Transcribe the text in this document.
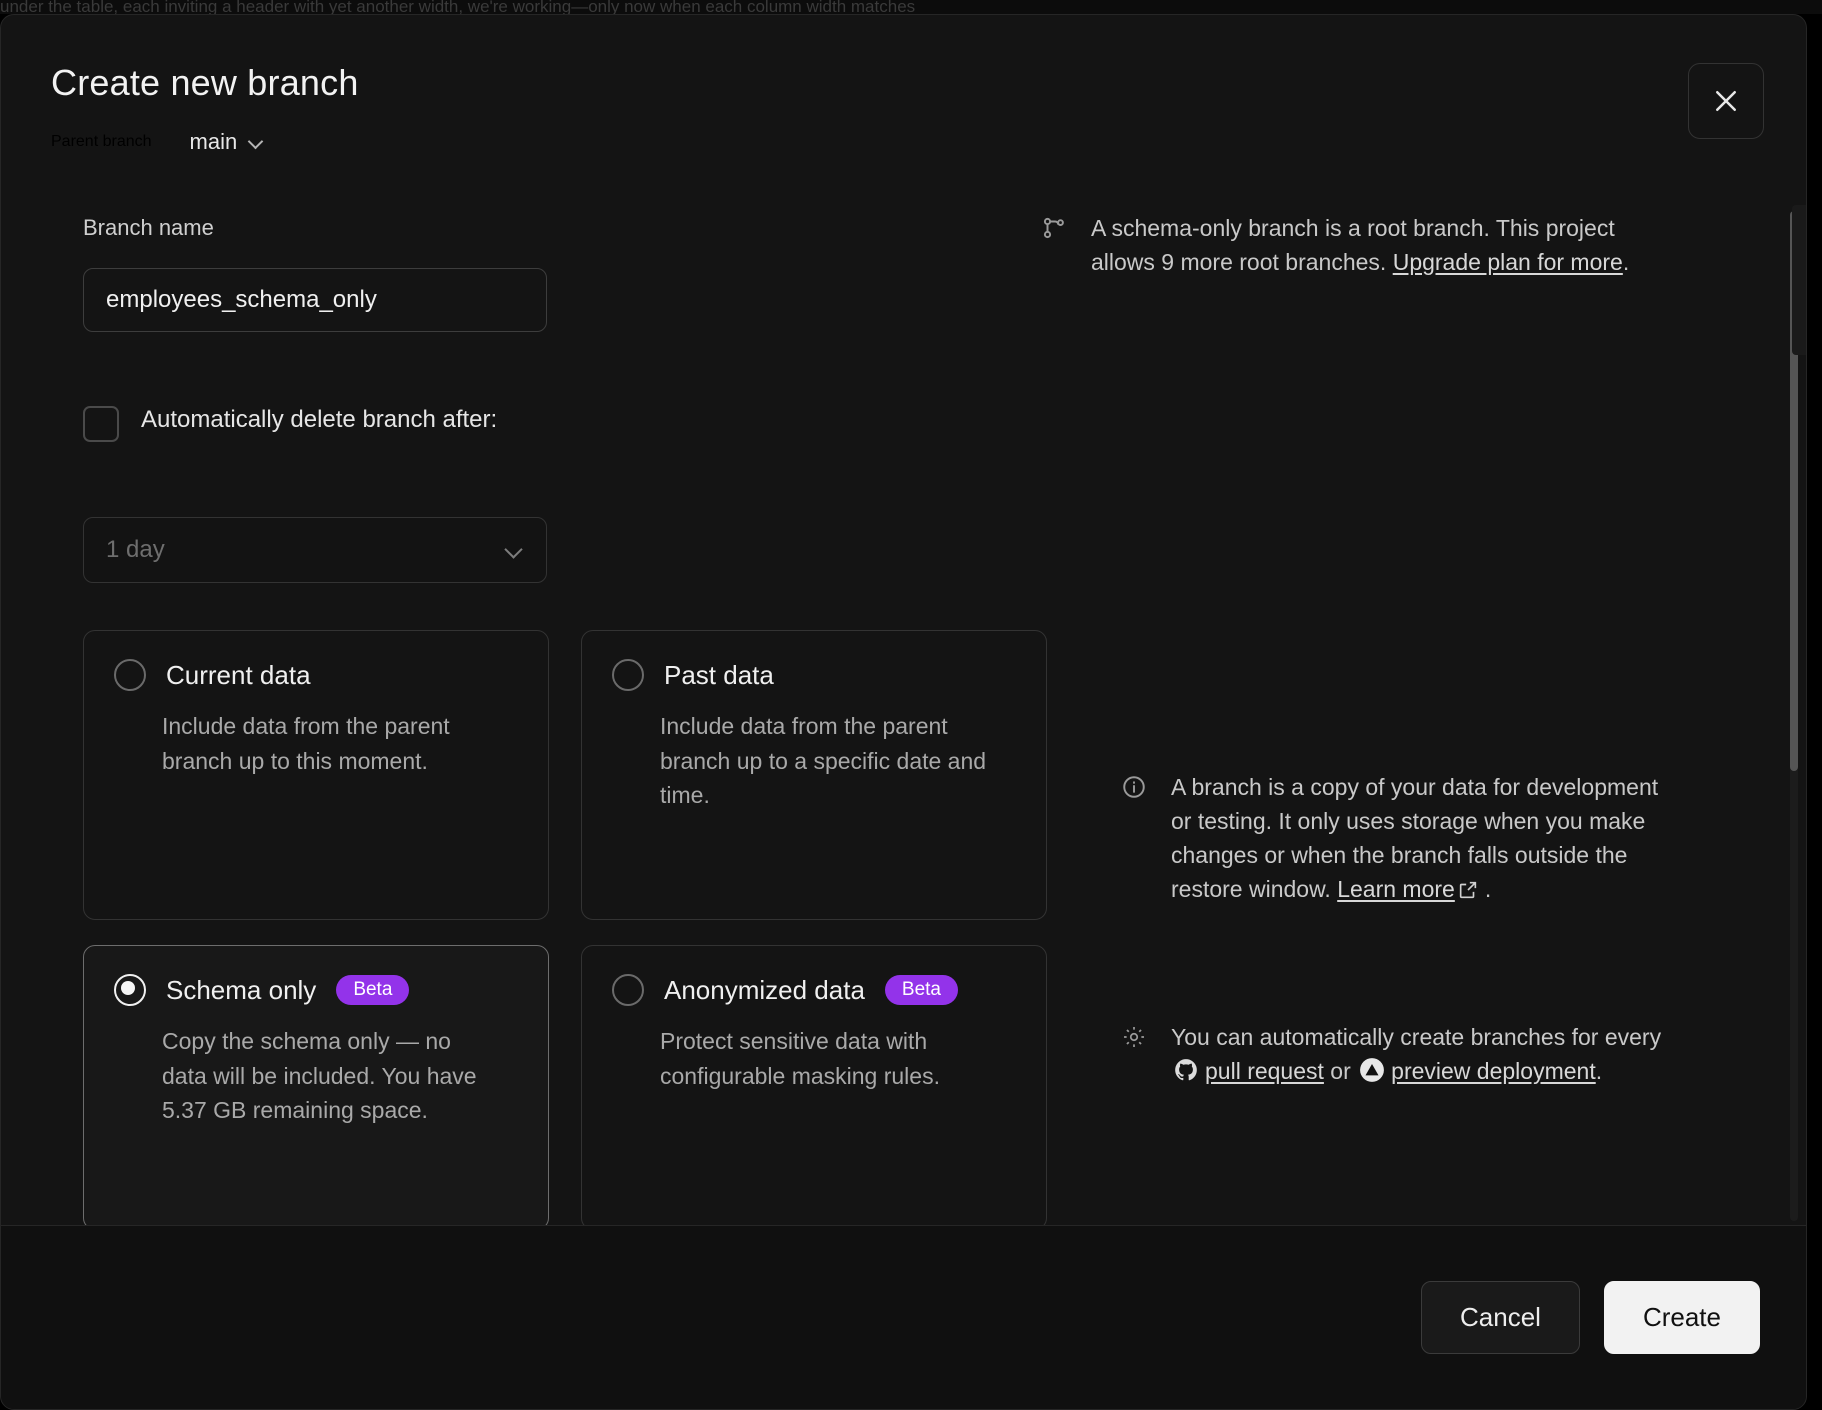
under the table, each inviting a header with yet another width, we're working—only now when each column width matches
Create new branch
Parent branch main
Branch name
employees_schema_only
Automatically delete branch after:
1 day
Current data
Include data from the parent branch up to this moment.
Past data
Include data from the parent branch up to a specific date and time.
Schema only	Beta
Copy the schema only — no data will be included. You have 5.37 GB remaining space.
Anonymized data	Beta
Protect sensitive data with configurable masking rules.
A schema-only branch is a root branch. This project allows 9 more root branches. Upgrade plan for more.
A branch is a copy of your data for development or testing. It only uses storage when you make changes or when the branch falls outside the restore window. Learn more .
You can automatically create branches for every pull request or preview deployment.
Cancel	Create
